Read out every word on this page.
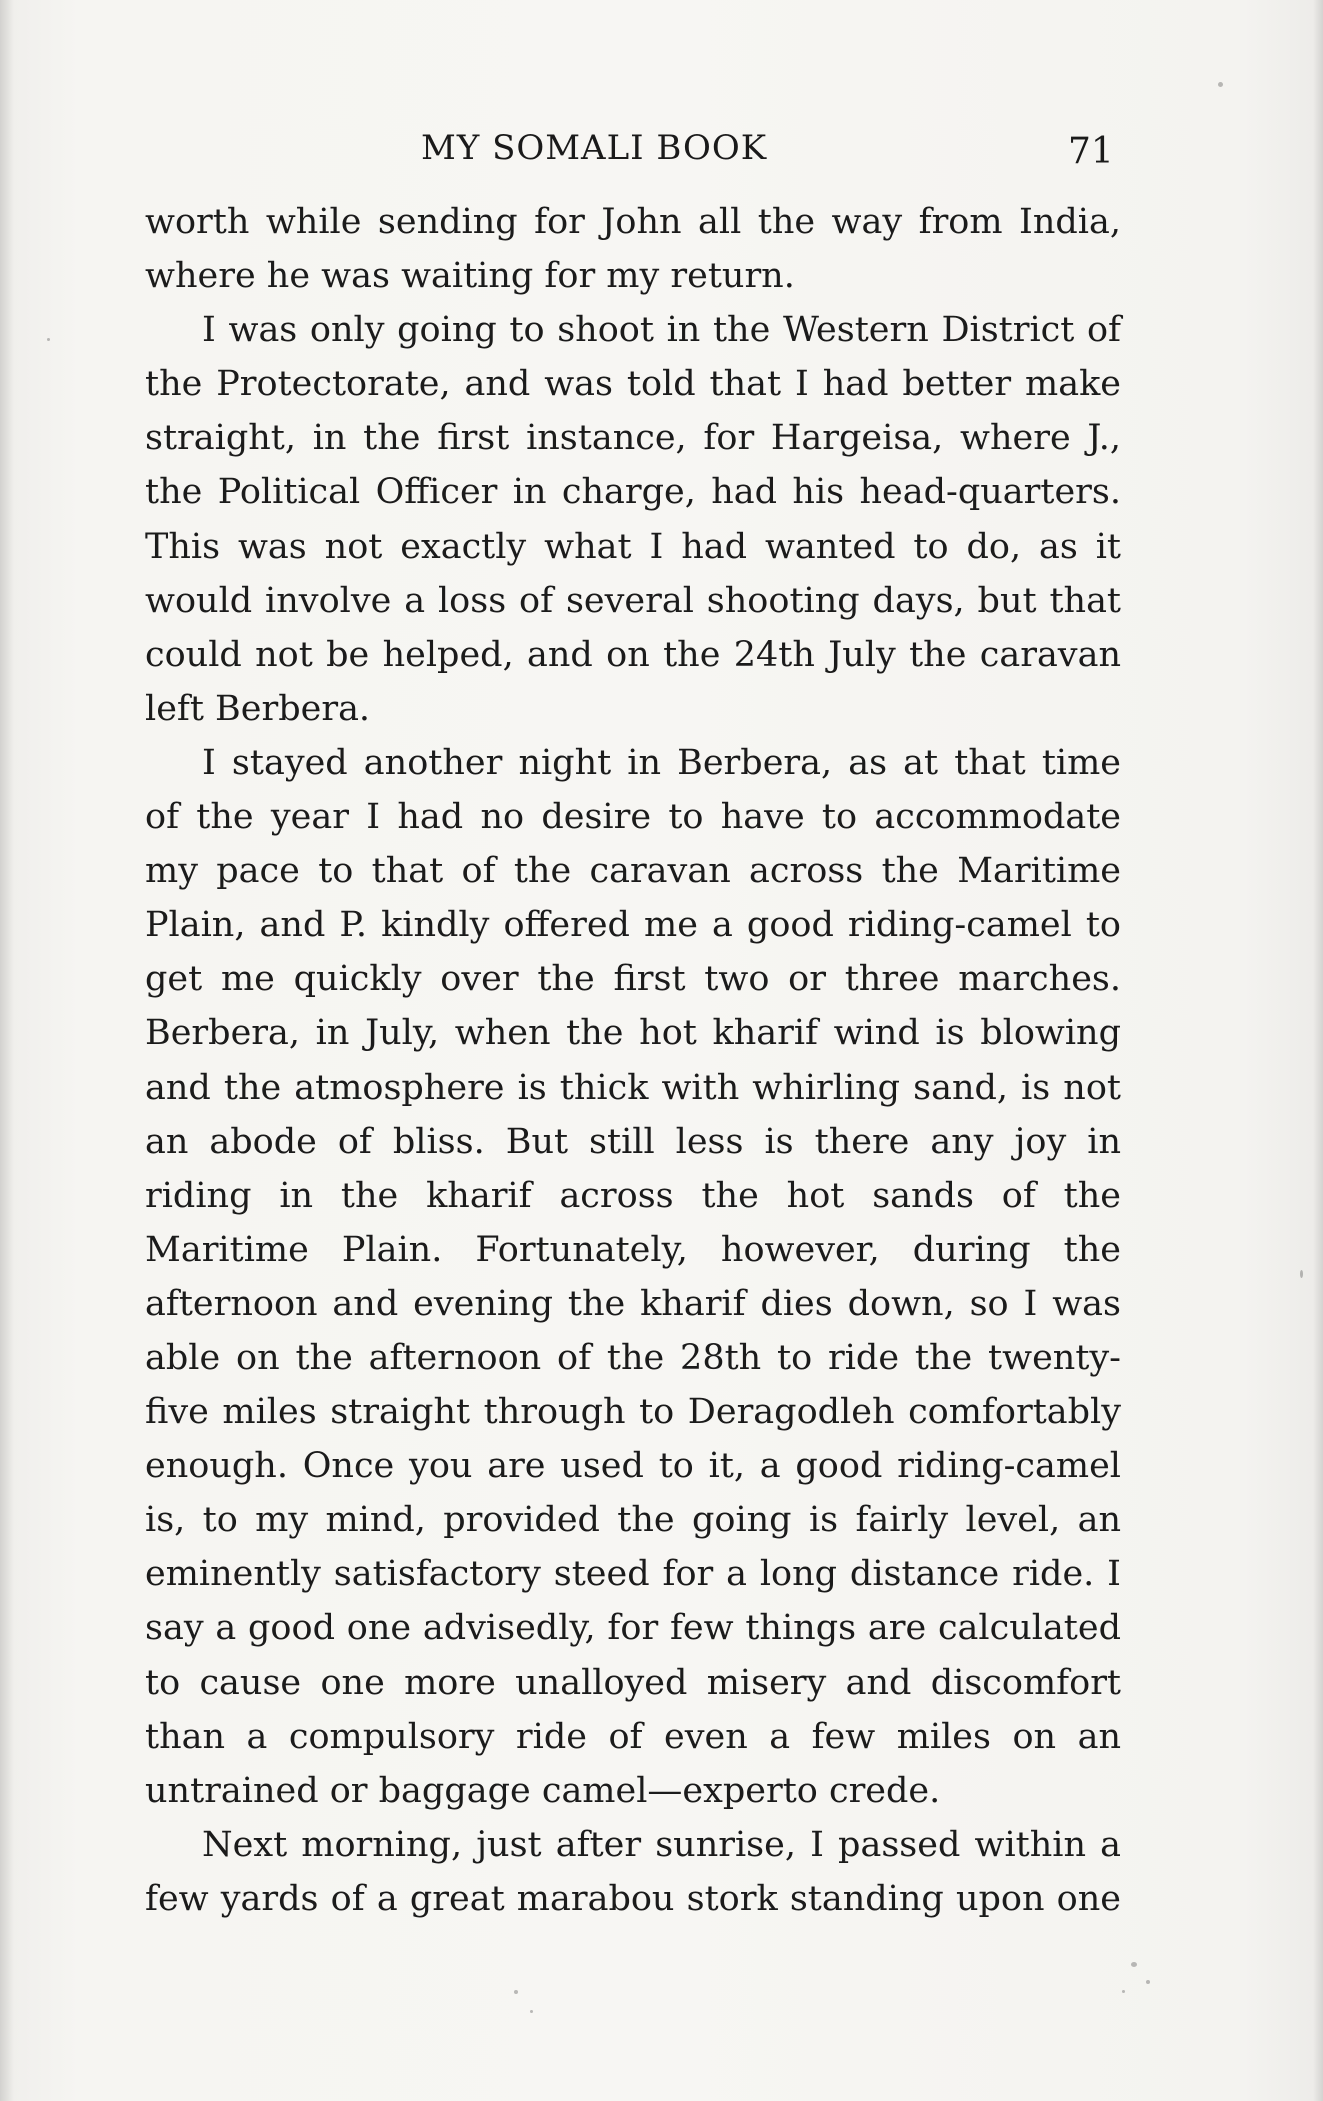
MY SOMALI BOOK	71

worth while sending for John all the way from India, where he was waiting for my return.

I was only going to shoot in the Western District of the Protectorate, and was told that I had better make straight, in the first instance, for Hargeisa, where J., the Political Officer in charge, had his head-quarters. This was not exactly what I had wanted to do, as it would involve a loss of several shooting days, but that could not be helped, and on the 24th July the caravan left Berbera.

I stayed another night in Berbera, as at that time of the year I had no desire to have to accommodate my pace to that of the caravan across the Maritime Plain, and P. kindly offered me a good riding-camel to get me quickly over the first two or three marches. Berbera, in July, when the hot kharif wind is blowing and the atmosphere is thick with whirling sand, is not an abode of bliss. But still less is there any joy in riding in the kharif across the hot sands of the Maritime Plain. Fortunately, however, during the afternoon and evening the kharif dies down, so I was able on the afternoon of the 28th to ride the twenty-five miles straight through to Deragodleh comfortably enough. Once you are used to it, a good riding-camel is, to my mind, provided the going is fairly level, an eminently satisfactory steed for a long distance ride. I say a good one advisedly, for few things are calculated to cause one more unalloyed misery and discomfort than a compulsory ride of even a few miles on an untrained or baggage camel—experto crede.

Next morning, just after sunrise, I passed within a few yards of a great marabou stork standing upon one
